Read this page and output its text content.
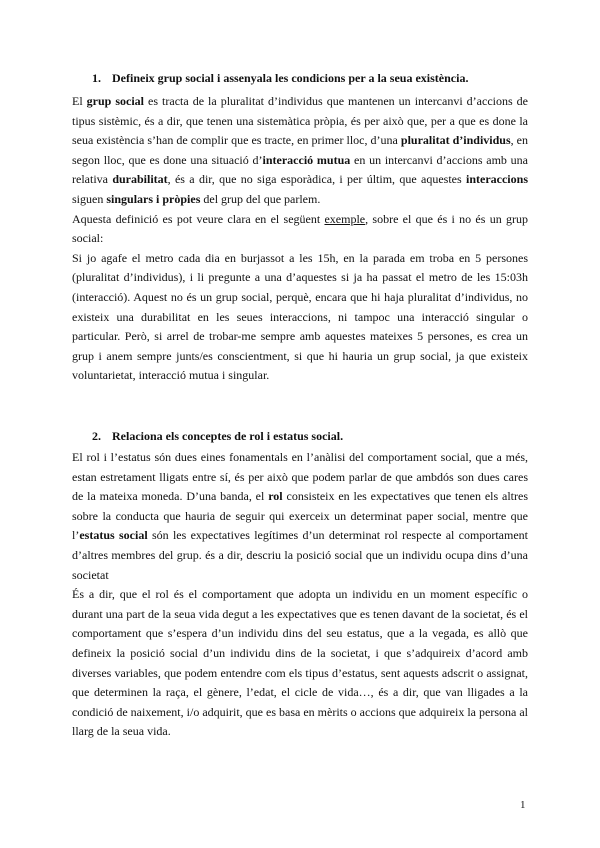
1. Defineix grup social i assenyala les condicions per a la seua existència.

El grup social es tracta de la pluralitat d’individus que mantenen un intercanvi d’accions de tipus sistèmic, és a dir, que tenen una sistemàtica pròpia, és per això que, per a que es done la seua existència s’han de complir que es tracte, en primer lloc, d’una pluralitat d’individus, en segon lloc, que es done una situació d’interacció mutua en un intercanvi d’accions amb una relativa durabilitat, és a dir, que no siga esporàdica, i per últim, que aquestes interaccions siguen singulars i pròpies del grup del que parlem.

Aquesta definició es pot veure clara en el següent exemple, sobre el que és i no és un grup social:

Si jo agafe el metro cada dia en burjassot a les 15h, en la parada em troba en 5 persones (pluralitat d’individus), i li pregunte a una d’aquestes si ja ha passat el metro de les 15:03h (interacció). Aquest no és un grup social, perquè, encara que hi haja pluralitat d’individus, no existeix una durabilitat en les seues interaccions, ni tampoc una interacció singular o particular. Però, si arrel de trobar-me sempre amb aquestes mateixes 5 persones, es crea un grup i anem sempre junts/es conscientment, si que hi hauria un grup social, ja que existeix voluntarietat, interacció mutua i singular.

2. Relaciona els conceptes de rol i estatus social.

El rol i l’estatus són dues eines fonamentals en l’anàlisi del comportament social, que a més, estan estretament lligats entre sí, és per això que podem parlar de que ambdós son dues cares de la mateixa moneda. D’una banda, el rol consisteix en les expectatives que tenen els altres sobre la conducta que hauria de seguir qui exerceix un determinat paper social, mentre que l’estatus social són les expectatives legítimes d’un determinat rol respecte al comportament d’altres membres del grup. és a dir, descriu la posició social que un individu ocupa dins d’una societat

És a dir, que el rol és el comportament que adopta un individu en un moment específic o durant una part de la seua vida degut a les expectatives que es tenen davant de la societat, és el comportament que s’espera d’un individu dins del seu estatus, que a la vegada, es allò que defineix la posició social d’un individu dins de la societat, i que s’adquireix d’acord amb diverses variables, que podem entendre com els tipus d’estatus, sent aquests adscrit o assignat, que determinen la raça, el gènere, l’edat, el cicle de vida…, és a dir, que van lligades a la condició de naixement, i/o adquirit, que es basa en mèrits o accions que adquireix la persona al llarg de la seua vida.

1
